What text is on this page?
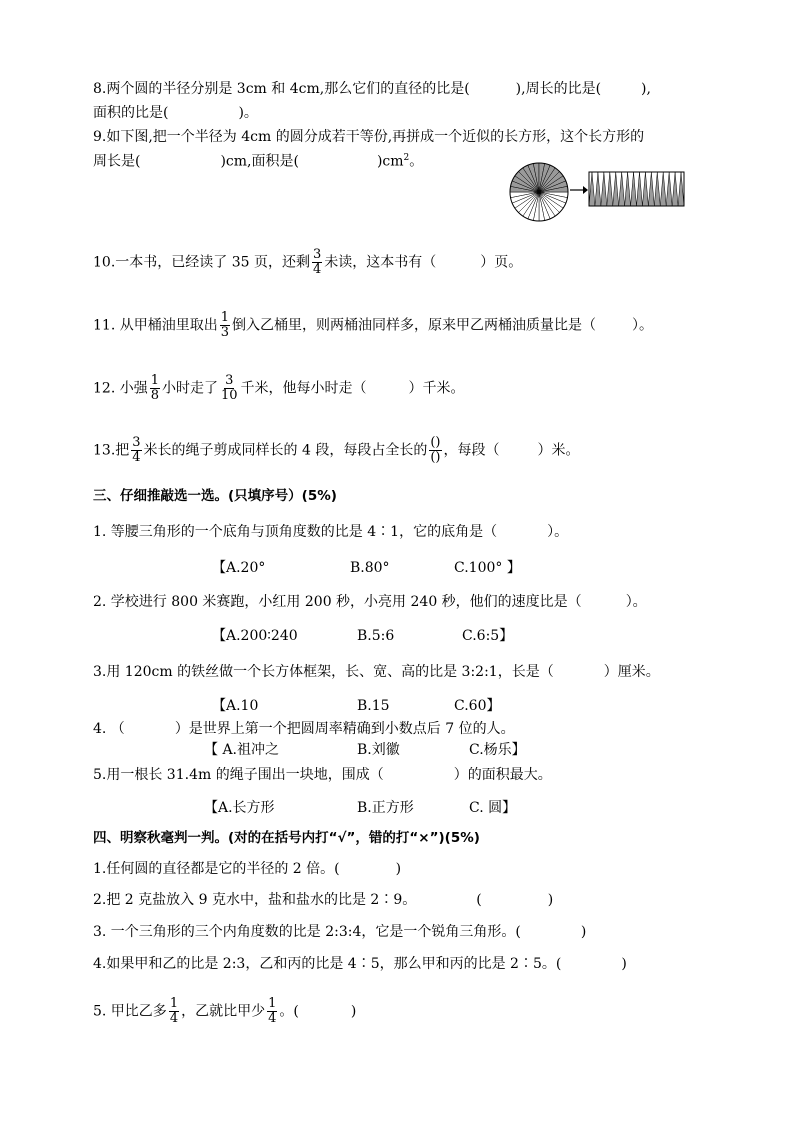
8.两个圆的半径分别是 3cm 和 4cm,那么它们的直径的比是(	),周长的比是(	),
面积的比是(	)。
9.如下图,把一个半径为 4cm 的圆分成若干等份,再拼成一个近似的长方形，这个长方形的
周长是(	)cm,面积是(	)$cm^2$。
10.一本书，已经读了 35 页，还剩 $\frac{3}{4}$ 未读，这本书有（	）页。
11. 从甲桶油里取出 $\frac{1}{3}$ 倒入乙桶里，则两桶油同样多，原来甲乙两桶油质量比是（	）。
12. 小强 $\frac{1}{8}$ 小时走了 $\frac{3}{10}$ 千米，他每小时走（	）千米。
13.把 $\frac{3}{4}$ 米长的绳子剪成同样长的 4 段，每段占全长的 $\frac{()}{()}$ ，每段（	）米。
三、仔细推敲选一选。(只填序号）(5%)
1. 等腰三角形的一个底角与顶角度数的比是 4∶1，它的底角是（	）。
【A.20°	B.80°	C.100° 】
2. 学校进行 800 米赛跑，小红用 200 秒，小亮用 240 秒，他们的速度比是（	）。
【A.200∶240	B.5:6	C.6:5】
3.用 120cm 的铁丝做一个长方体框架，长、宽、高的比是 3:2:1，长是（	）厘米。
【A.10	B.15	C.60】
4. （	）是世界上第一个把圆周率精确到小数点后 7 位的人。
【 A.祖冲之	B.刘徽	C.杨乐】
5.用一根长 31.4m 的绳子围出一块地，围成（	）的面积最大。
【A.长方形	B.正方形	C. 圆】
四、明察秋毫判一判。(对的在括号内打“√”，错的打“×”)(5%)
1.任何圆的直径都是它的半径的 2 倍。(	)
2.把 2 克盐放入 9 克水中，盐和盐水的比是 2∶9。	(	)
3. 一个三角形的三个内角度数的比是 2:3:4，它是一个锐角三角形。(	)
4.如果甲和乙的比是 2:3，乙和丙的比是 4∶5，那么甲和丙的比是 2∶5。(	)
5. 甲比乙多 $\frac{1}{4}$ ，乙就比甲少 $\frac{1}{4}$ 。(	)
